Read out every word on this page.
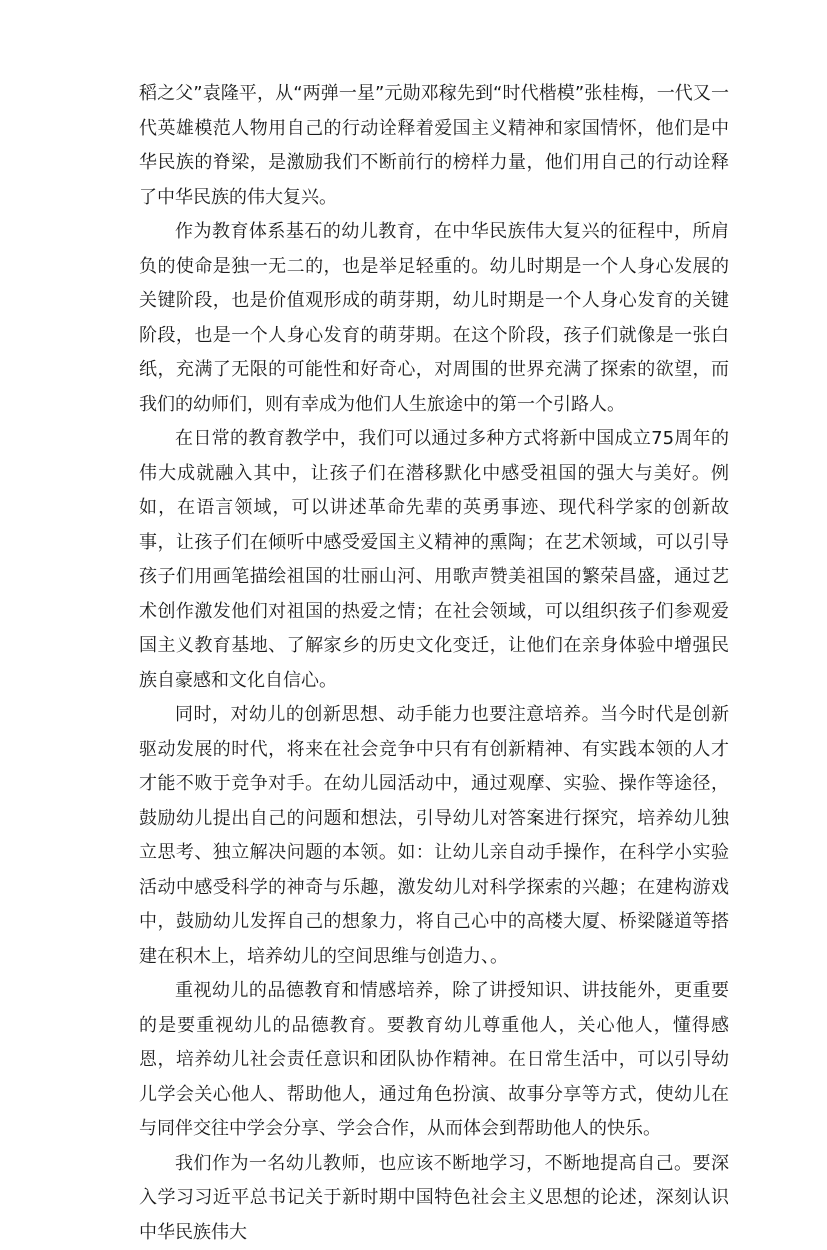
稻之父”袁隆平，从“两弹一星”元勋邓稼先到“时代楷模”张桂梅，一代又一代英雄模范人物用自己的行动诠释着爱国主义精神和家国情怀，他们是中华民族的脊梁，是激励我们不断前行的榜样力量，他们用自己的行动诠释了中华民族的伟大复兴。

作为教育体系基石的幼儿教育，在中华民族伟大复兴的征程中，所肩负的使命是独一无二的，也是举足轻重的。幼儿时期是一个人身心发展的关键阶段，也是价值观形成的萌芽期，幼儿时期是一个人身心发育的关键阶段，也是一个人身心发育的萌芽期。在这个阶段，孩子们就像是一张白纸，充满了无限的可能性和好奇心，对周围的世界充满了探索的欲望，而我们的幼师们，则有幸成为他们人生旅途中的第一个引路人。

在日常的教育教学中，我们可以通过多种方式将新中国成立75周年的伟大成就融入其中，让孩子们在潜移默化中感受祖国的强大与美好。例如，在语言领域，可以讲述革命先辈的英勇事迹、现代科学家的创新故事，让孩子们在倾听中感受爱国主义精神的熏陶；在艺术领域，可以引导孩子们用画笔描绘祖国的壮丽山河、用歌声赞美祖国的繁荣昌盛，通过艺术创作激发他们对祖国的热爱之情；在社会领域，可以组织孩子们参观爱国主义教育基地、了解家乡的历史文化变迁，让他们在亲身体验中增强民族自豪感和文化自信心。

同时，对幼儿的创新思想、动手能力也要注意培养。当今时代是创新驱动发展的时代，将来在社会竞争中只有有创新精神、有实践本领的人才才能不败于竞争对手。在幼儿园活动中，通过观摩、实验、操作等途径，鼓励幼儿提出自己的问题和想法，引导幼儿对答案进行探究，培养幼儿独立思考、独立解决问题的本领。如：让幼儿亲自动手操作，在科学小实验活动中感受科学的神奇与乐趣，激发幼儿对科学探索的兴趣；在建构游戏中，鼓励幼儿发挥自己的想象力，将自己心中的高楼大厦、桥梁隧道等搭建在积木上，培养幼儿的空间思维与创造力、。

重视幼儿的品德教育和情感培养，除了讲授知识、讲技能外，更重要的是要重视幼儿的品德教育。要教育幼儿尊重他人，关心他人，懂得感恩，培养幼儿社会责任意识和团队协作精神。在日常生活中，可以引导幼儿学会关心他人、帮助他人，通过角色扮演、故事分享等方式，使幼儿在与同伴交往中学会分享、学会合作，从而体会到帮助他人的快乐。

我们作为一名幼儿教师，也应该不断地学习，不断地提高自己。要深入学习习近平总书记关于新时期中国特色社会主义思想的论述，深刻认识中华民族伟大
